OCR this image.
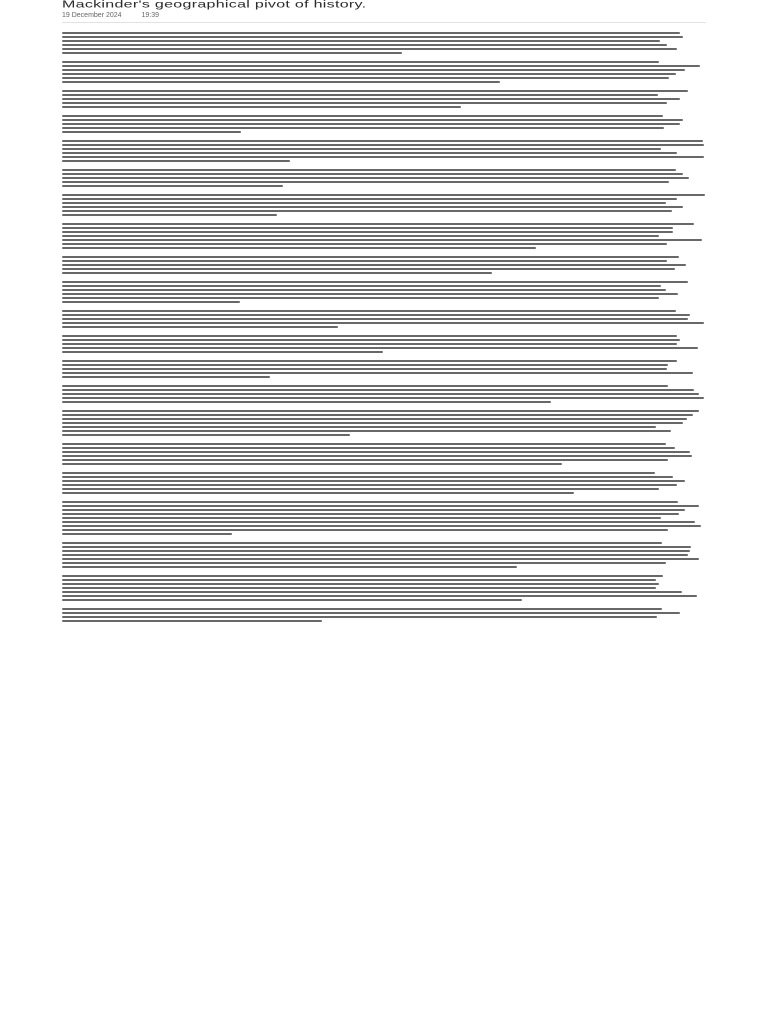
Mackinder's geographical pivot of history.
19 December 2024	19:39
